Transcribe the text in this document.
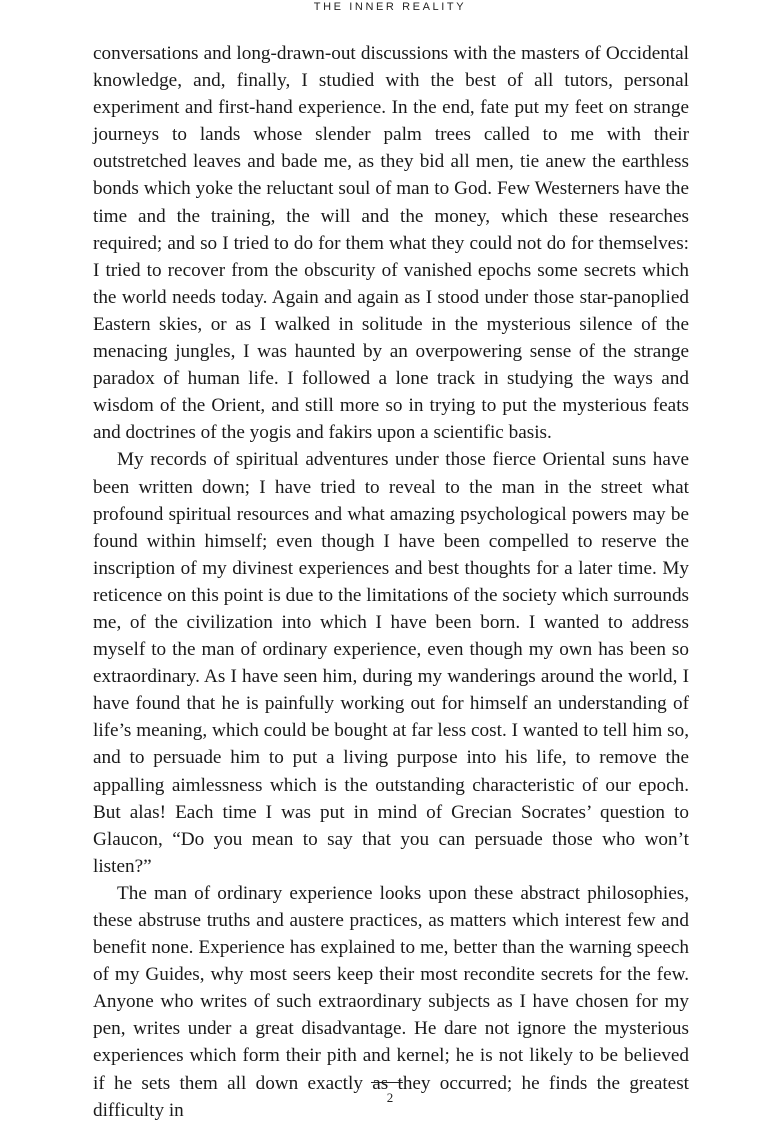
THE INNER REALITY

conversations and long-drawn-out discussions with the masters of Occidental knowledge, and, finally, I studied with the best of all tutors, personal experiment and first-hand experience. In the end, fate put my feet on strange journeys to lands whose slender palm trees called to me with their outstretched leaves and bade me, as they bid all men, tie anew the earthless bonds which yoke the reluctant soul of man to God. Few Westerners have the time and the training, the will and the money, which these researches required; and so I tried to do for them what they could not do for themselves: I tried to recover from the obscurity of vanished epochs some secrets which the world needs today. Again and again as I stood under those star-panoplied Eastern skies, or as I walked in solitude in the mysterious silence of the menacing jungles, I was haunted by an overpowering sense of the strange paradox of human life. I followed a lone track in studying the ways and wisdom of the Orient, and still more so in trying to put the mysterious feats and doctrines of the yogis and fakirs upon a scientific basis.

My records of spiritual adventures under those fierce Oriental suns have been written down; I have tried to reveal to the man in the street what profound spiritual resources and what amazing psychological powers may be found within himself; even though I have been compelled to reserve the inscription of my divinest experiences and best thoughts for a later time. My reticence on this point is due to the limitations of the society which surrounds me, of the civilization into which I have been born. I wanted to address myself to the man of ordinary experience, even though my own has been so extraordinary. As I have seen him, during my wanderings around the world, I have found that he is painfully working out for himself an understanding of life’s meaning, which could be bought at far less cost. I wanted to tell him so, and to persuade him to put a living purpose into his life, to remove the appalling aimlessness which is the outstanding characteristic of our epoch. But alas! Each time I was put in mind of Grecian Socrates’ question to Glaucon, “Do you mean to say that you can persuade those who won’t listen?”

The man of ordinary experience looks upon these abstract philosophies, these abstruse truths and austere practices, as matters which interest few and benefit none. Experience has explained to me, better than the warning speech of my Guides, why most seers keep their most recondite secrets for the few. Anyone who writes of such extraordinary subjects as I have chosen for my pen, writes under a great disadvantage. He dare not ignore the mysterious experiences which form their pith and kernel; he is not likely to be believed if he sets them all down exactly as they occurred; he finds the greatest difficulty in

2
